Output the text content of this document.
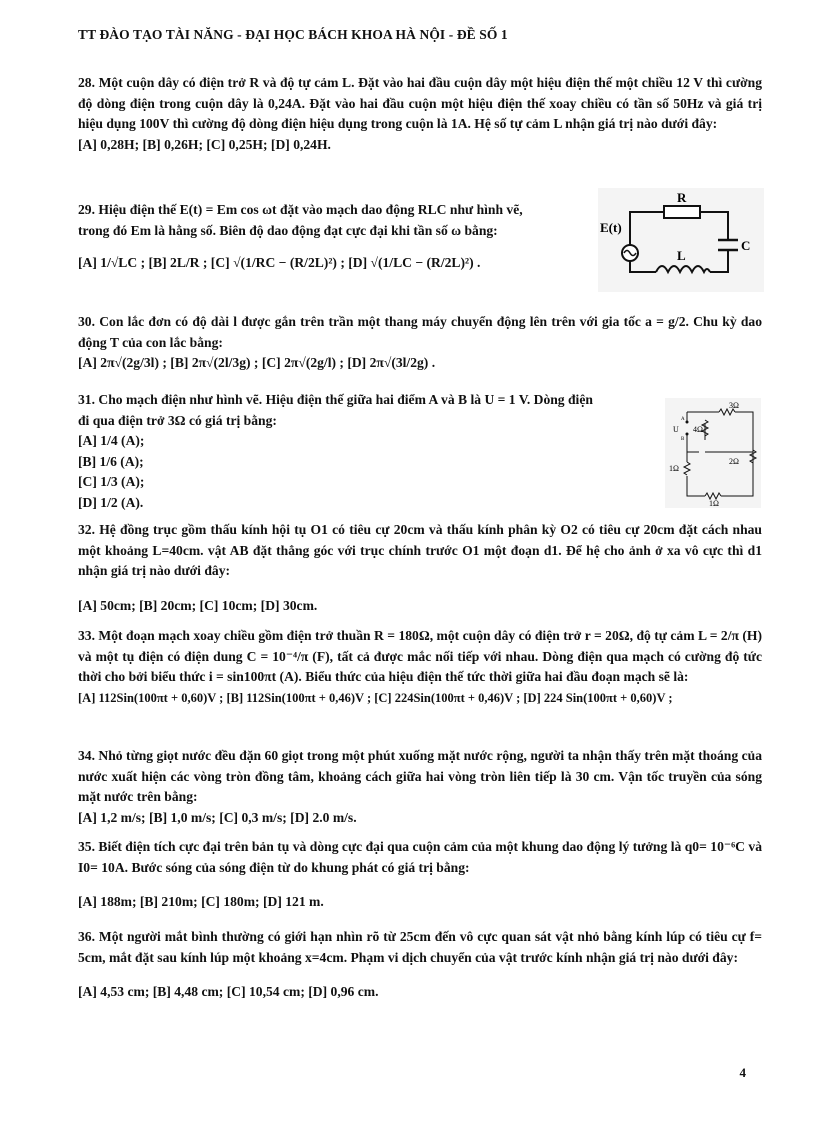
TT ĐÀO TẠO TÀI NĂNG - ĐẠI HỌC BÁCH KHOA HÀ NỘI - ĐỀ SỐ 1
28. Một cuộn dây có điện trở R và độ tự cảm L. Đặt vào hai đầu cuộn dây một hiệu điện thế một chiều 12 V thì cường độ dòng điện trong cuộn dây là 0,24A. Đặt vào hai đầu cuộn một hiệu điện thế xoay chiều có tần số 50Hz và giá trị hiệu dụng 100V thì cường độ dòng điện hiệu dụng trong cuộn là 1A. Hệ số tự cảm L nhận giá trị nào dưới đây:
[A] 0,28H; [B] 0,26H; [C] 0,25H; [D] 0,24H.
29. Hiệu điện thế E(t) = Em cos ωt đặt vào mạch dao động RLC như hình vẽ,
trong đó Em là hằng số. Biên độ dao động đạt cực đại khi tần số ω bằng:
[A] 1/√LC ; [B] 2L/R ; [C] √(1/RC − (R/2L)²) ; [D] √(1/LC − (R/2L)²) .
E(t)
R
C
L
30. Con lắc đơn có độ dài l được gắn trên trần một thang máy chuyển động lên trên với gia tốc a = g/2. Chu kỳ dao động T của con lắc bằng:
[A] 2π√(2g/3l) ; [B] 2π√(2l/3g) ; [C] 2π√(2g/l) ; [D] 2π√(3l/2g) .
31. Cho mạch điện như hình vẽ. Hiệu điện thế giữa hai điểm A và B là U = 1 V. Dòng điện
đi qua điện trở 3Ω có giá trị bằng:
[A] 1/4 (A);
[B] 1/6 (A);
[C] 1/3 (A);
[D] 1/2 (A).
3Ω
4Ω
2Ω
1Ω
1Ω
U
A
B
32. Hệ đồng trục gồm thấu kính hội tụ O1 có tiêu cự 20cm và thấu kính phân kỳ O2 có tiêu cự 20cm đặt cách nhau một khoảng L=40cm. vật AB đặt thẳng góc với trục chính trước O1 một đoạn d1. Để hệ cho ảnh ở xa vô cực thì d1 nhận giá trị nào dưới đây:
[A] 50cm; [B] 20cm; [C] 10cm; [D] 30cm.
33. Một đoạn mạch xoay chiều gồm điện trở thuần R = 180Ω, một cuộn dây có điện trở r = 20Ω, độ tự cảm L = 2/π (H) và một tụ điện có điện dung C = 10⁻⁴/π (F), tất cả được mắc nối tiếp với nhau. Dòng điện qua mạch có cường độ tức thời cho bởi biểu thức i = sin100πt (A). Biểu thức của hiệu điện thế tức thời giữa hai đầu đoạn mạch sẽ là:
[A] 112Sin(100πt + 0,60)V ; [B] 112Sin(100πt + 0,46)V ; [C] 224Sin(100πt + 0,46)V ; [D] 224 Sin(100πt + 0,60)V ;
34. Nhỏ từng giọt nước đều đặn 60 giọt trong một phút xuống mặt nước rộng, người ta nhận thấy trên mặt thoáng của nước xuất hiện các vòng tròn đồng tâm, khoảng cách giữa hai vòng tròn liên tiếp là 30 cm. Vận tốc truyền của sóng mặt nước trên bằng:
[A] 1,2 m/s; [B] 1,0 m/s; [C] 0,3 m/s; [D] 2.0 m/s.
35. Biết điện tích cực đại trên bản tụ và dòng cực đại qua cuộn cảm của một khung dao động lý tưởng là q0= 10⁻⁶C và I0= 10A. Bước sóng của sóng điện từ do khung phát có giá trị bằng:
[A] 188m; [B] 210m; [C] 180m; [D] 121 m.
36. Một người mắt bình thường có giới hạn nhìn rõ từ 25cm đến vô cực quan sát vật nhỏ bằng kính lúp có tiêu cự f= 5cm, mắt đặt sau kính lúp một khoảng x=4cm. Phạm vi dịch chuyển của vật trước kính nhận giá trị nào dưới đây:
[A] 4,53 cm; [B] 4,48 cm; [C] 10,54 cm; [D] 0,96 cm.
4
